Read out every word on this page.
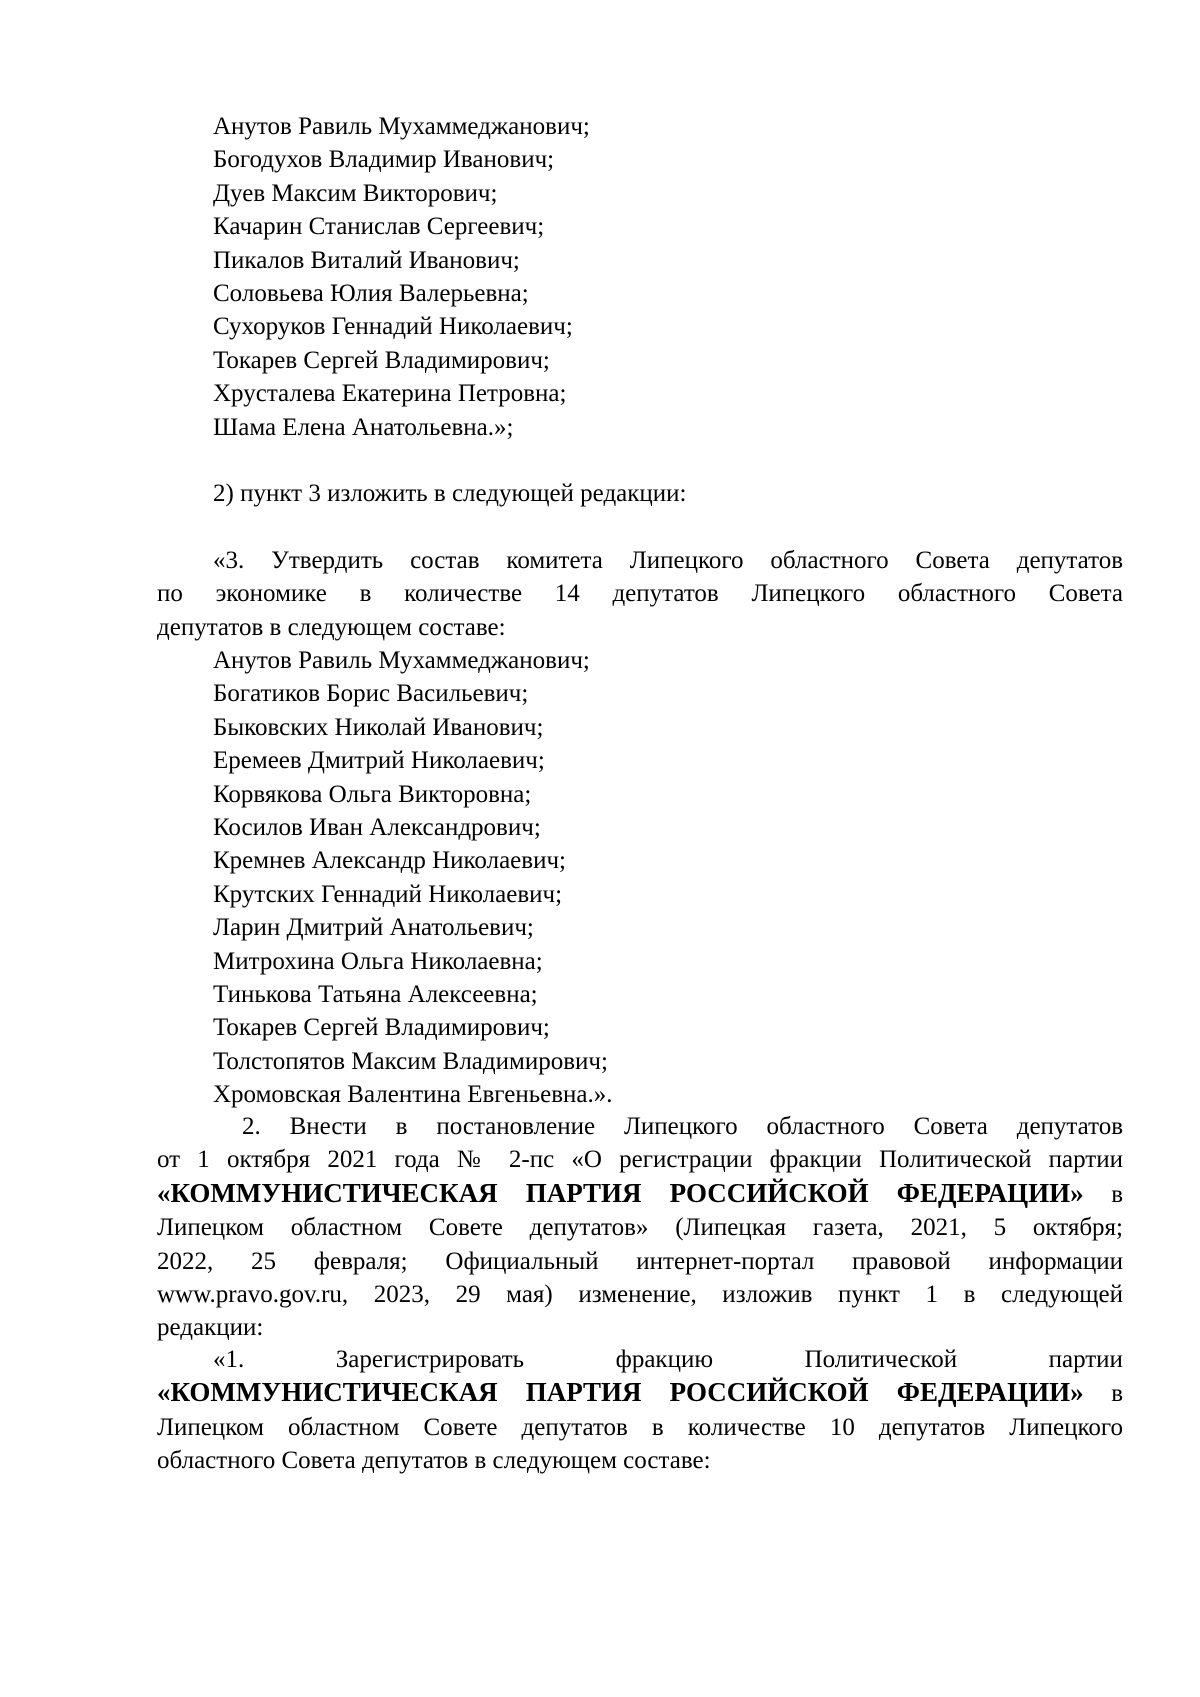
Анутов Равиль Мухаммеджанович;
Богодухов Владимир Иванович;
Дуев Максим Викторович;
Качарин Станислав Сергеевич;
Пикалов Виталий Иванович;
Соловьева Юлия Валерьевна;
Сухоруков Геннадий Николаевич;
Токарев Сергей Владимирович;
Хрусталева Екатерина Петровна;
Шама Елена Анатольевна.»;
2) пункт 3 изложить в следующей редакции:
«3. Утвердить состав комитета Липецкого областного Совета депутатов
по экономике в количестве 14 депутатов Липецкого областного Совета
депутатов в следующем составе:
Анутов Равиль Мухаммеджанович;
Богатиков Борис Васильевич;
Быковских Николай Иванович;
Еремеев Дмитрий Николаевич;
Корвякова Ольга Викторовна;
Косилов Иван Александрович;
Кремнев Александр Николаевич;
Крутских Геннадий Николаевич;
Ларин Дмитрий Анатольевич;
Митрохина Ольга Николаевна;
Тинькова Татьяна Алексеевна;
Токарев Сергей Владимирович;
Толстопятов Максим Владимирович;
Хромовская Валентина Евгеньевна.».
2. Внести в постановление Липецкого областного Совета депутатов
от 1 октября 2021 года № 2-пс «О регистрации фракции Политической партии
«КОММУНИСТИЧЕСКАЯ ПАРТИЯ РОССИЙСКОЙ ФЕДЕРАЦИИ» в
Липецком областном Совете депутатов» (Липецкая газета, 2021, 5 октября;
2022, 25 февраля; Официальный интернет-портал правовой информации
www.pravo.gov.ru, 2023, 29 мая) изменение, изложив пункт 1 в следующей
редакции:
«1.	Зарегистрировать	фракцию	Политической	партии
«КОММУНИСТИЧЕСКАЯ ПАРТИЯ РОССИЙСКОЙ ФЕДЕРАЦИИ» в
Липецком областном Совете депутатов в количестве 10 депутатов Липецкого
областного Совета депутатов в следующем составе:
